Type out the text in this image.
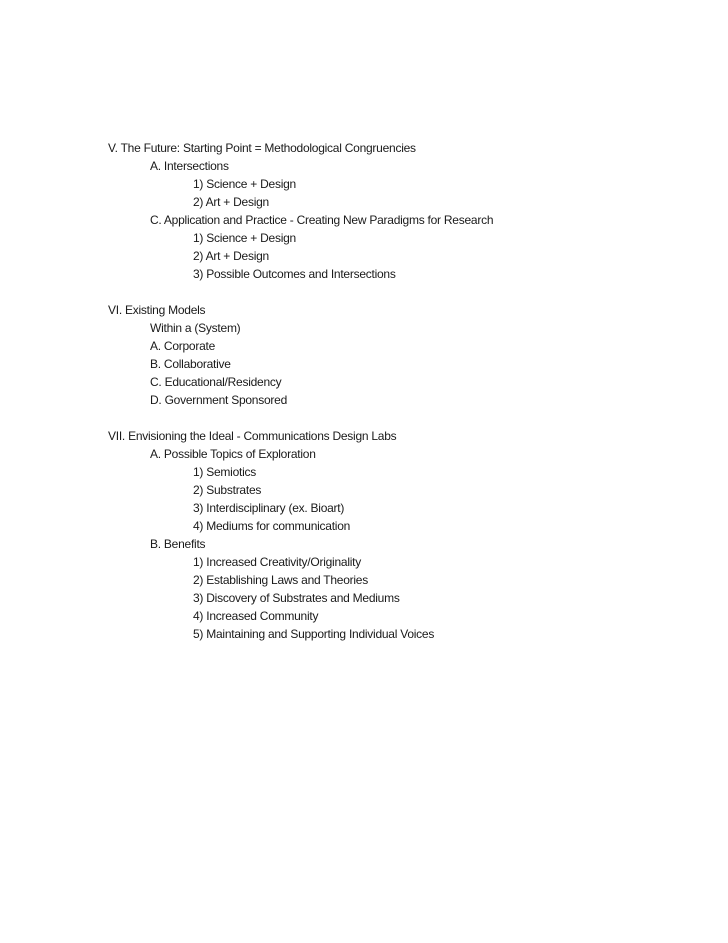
V. The Future: Starting Point = Methodological Congruencies
A. Intersections
1) Science + Design
2) Art + Design
C. Application and Practice - Creating New Paradigms for Research
1) Science + Design
2) Art + Design
3) Possible Outcomes and Intersections
VI. Existing Models
Within a (System)
A. Corporate
B. Collaborative
C. Educational/Residency
D. Government Sponsored
VII. Envisioning the Ideal - Communications Design Labs
A. Possible Topics of Exploration
1) Semiotics
2) Substrates
3) Interdisciplinary (ex. Bioart)
4) Mediums for communication
B. Benefits
1) Increased Creativity/Originality
2) Establishing Laws and Theories
3) Discovery of Substrates and Mediums
4) Increased Community
5) Maintaining and Supporting Individual Voices
